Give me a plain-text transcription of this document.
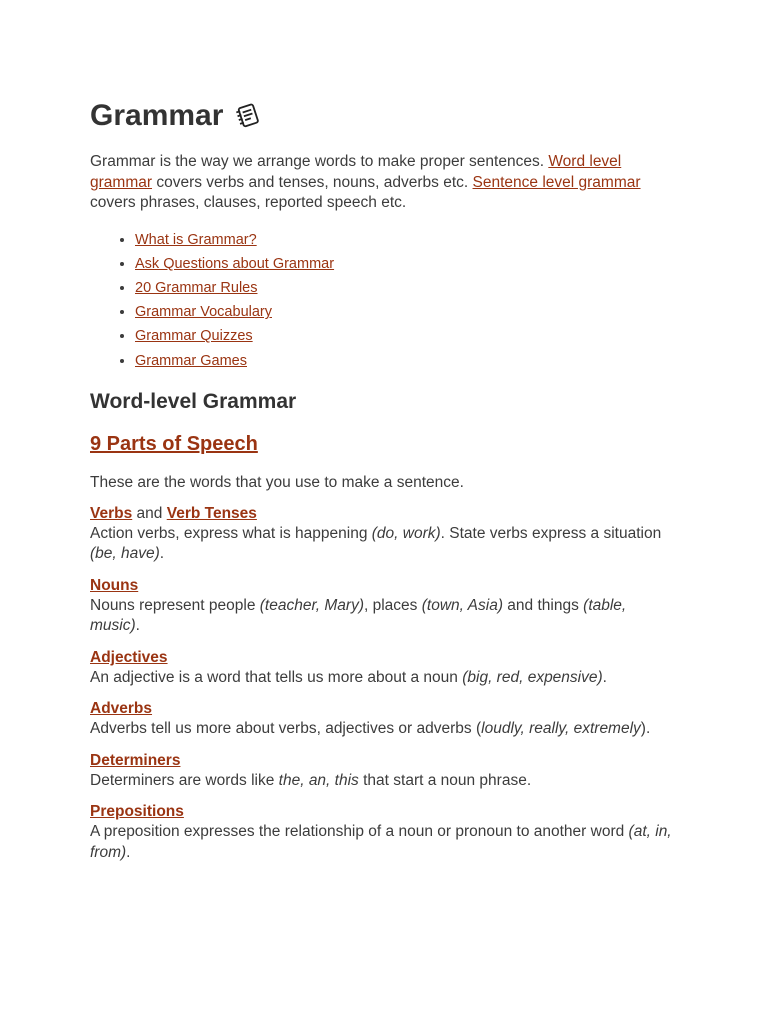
Grammar

Grammar is the way we arrange words to make proper sentences. Word level grammar covers verbs and tenses, nouns, adverbs etc. Sentence level grammar covers phrases, clauses, reported speech etc.

• What is Grammar?
• Ask Questions about Grammar
• 20 Grammar Rules
• Grammar Vocabulary
• Grammar Quizzes
• Grammar Games
Word-level Grammar
9 Parts of Speech

These are the words that you use to make a sentence.

Verbs and Verb Tenses
Action verbs, express what is happening (do, work). State verbs express a situation (be, have).
Nouns
Nouns represent people (teacher, Mary), places (town, Asia) and things (table, music).
Adjectives
An adjective is a word that tells us more about a noun (big, red, expensive).
Adverbs
Adverbs tell us more about verbs, adjectives or adverbs (loudly, really, extremely).
Determiners
Determiners are words like the, an, this that start a noun phrase.
Prepositions
A preposition expresses the relationship of a noun or pronoun to another word (at, in, from).
